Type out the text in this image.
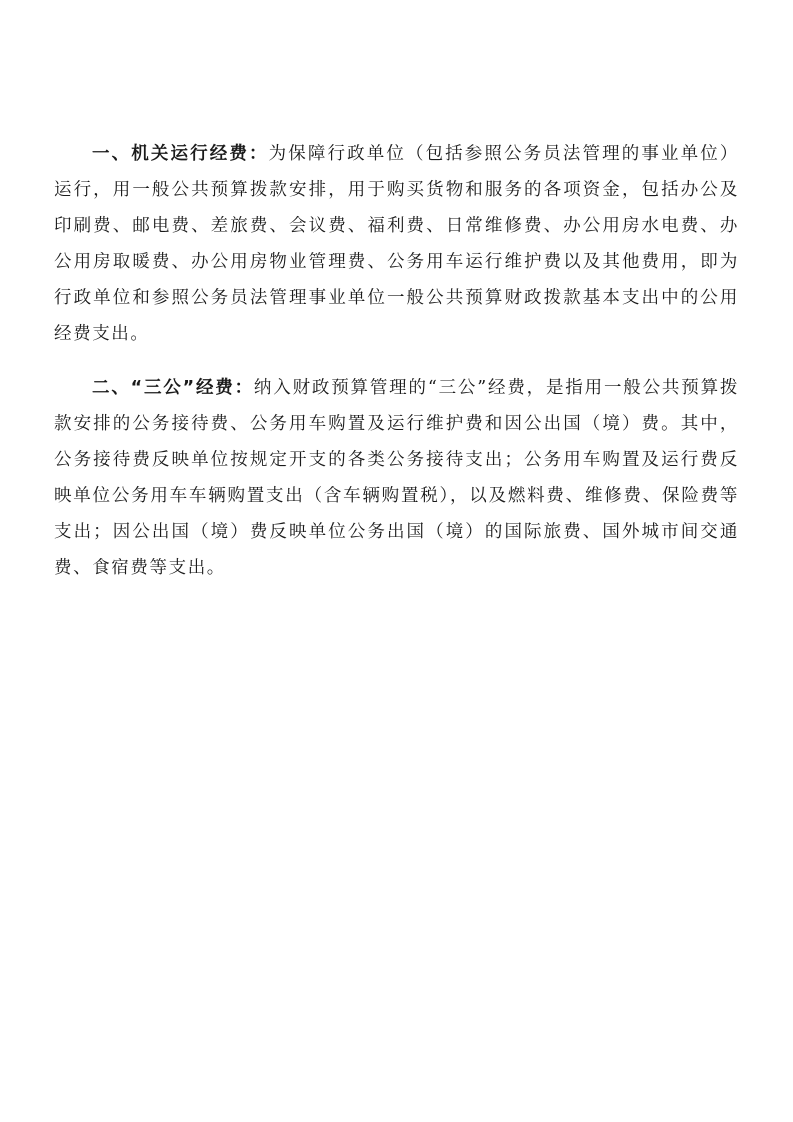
一、机关运行经费：为保障行政单位（包括参照公务员法管理的事业单位）运行，用一般公共预算拨款安排，用于购买货物和服务的各项资金，包括办公及印刷费、邮电费、差旅费、会议费、福利费、日常维修费、办公用房水电费、办公用房取暖费、办公用房物业管理费、公务用车运行维护费以及其他费用，即为行政单位和参照公务员法管理事业单位一般公共预算财政拨款基本支出中的公用经费支出。

二、“三公”经费：纳入财政预算管理的“三公”经费，是指用一般公共预算拨款安排的公务接待费、公务用车购置及运行维护费和因公出国（境）费。其中，公务接待费反映单位按规定开支的各类公务接待支出；公务用车购置及运行费反映单位公务用车车辆购置支出（含车辆购置税），以及燃料费、维修费、保险费等支出；因公出国（境）费反映单位公务出国（境）的国际旅费、国外城市间交通费、食宿费等支出。
